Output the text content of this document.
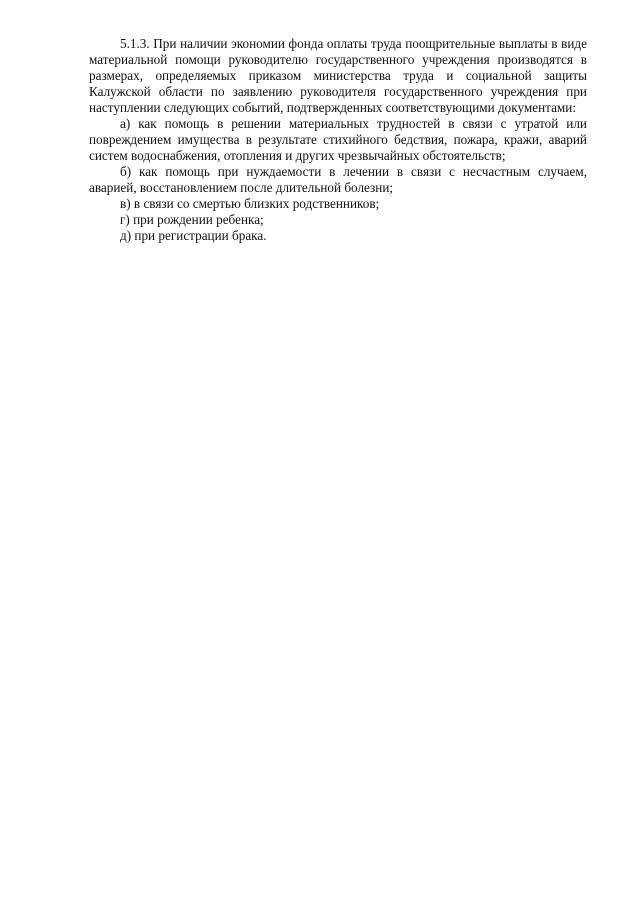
5.1.3. При наличии экономии фонда оплаты труда поощрительные выплаты в виде материальной помощи руководителю государственного учреждения производятся в размерах, определяемых приказом министерства труда и социальной защиты Калужской области по заявлению руководителя государственного учреждения при наступлении следующих событий, подтвержденных соответствующими документами:

а) как помощь в решении материальных трудностей в связи с утратой или повреждением имущества в результате стихийного бедствия, пожара, кражи, аварий систем водоснабжения, отопления и других чрезвычайных обстоятельств;

б) как помощь при нуждаемости в лечении в связи с несчастным случаем, аварией, восстановлением после длительной болезни;

в) в связи со смертью близких родственников;

г) при рождении ребенка;

д) при регистрации брака.
